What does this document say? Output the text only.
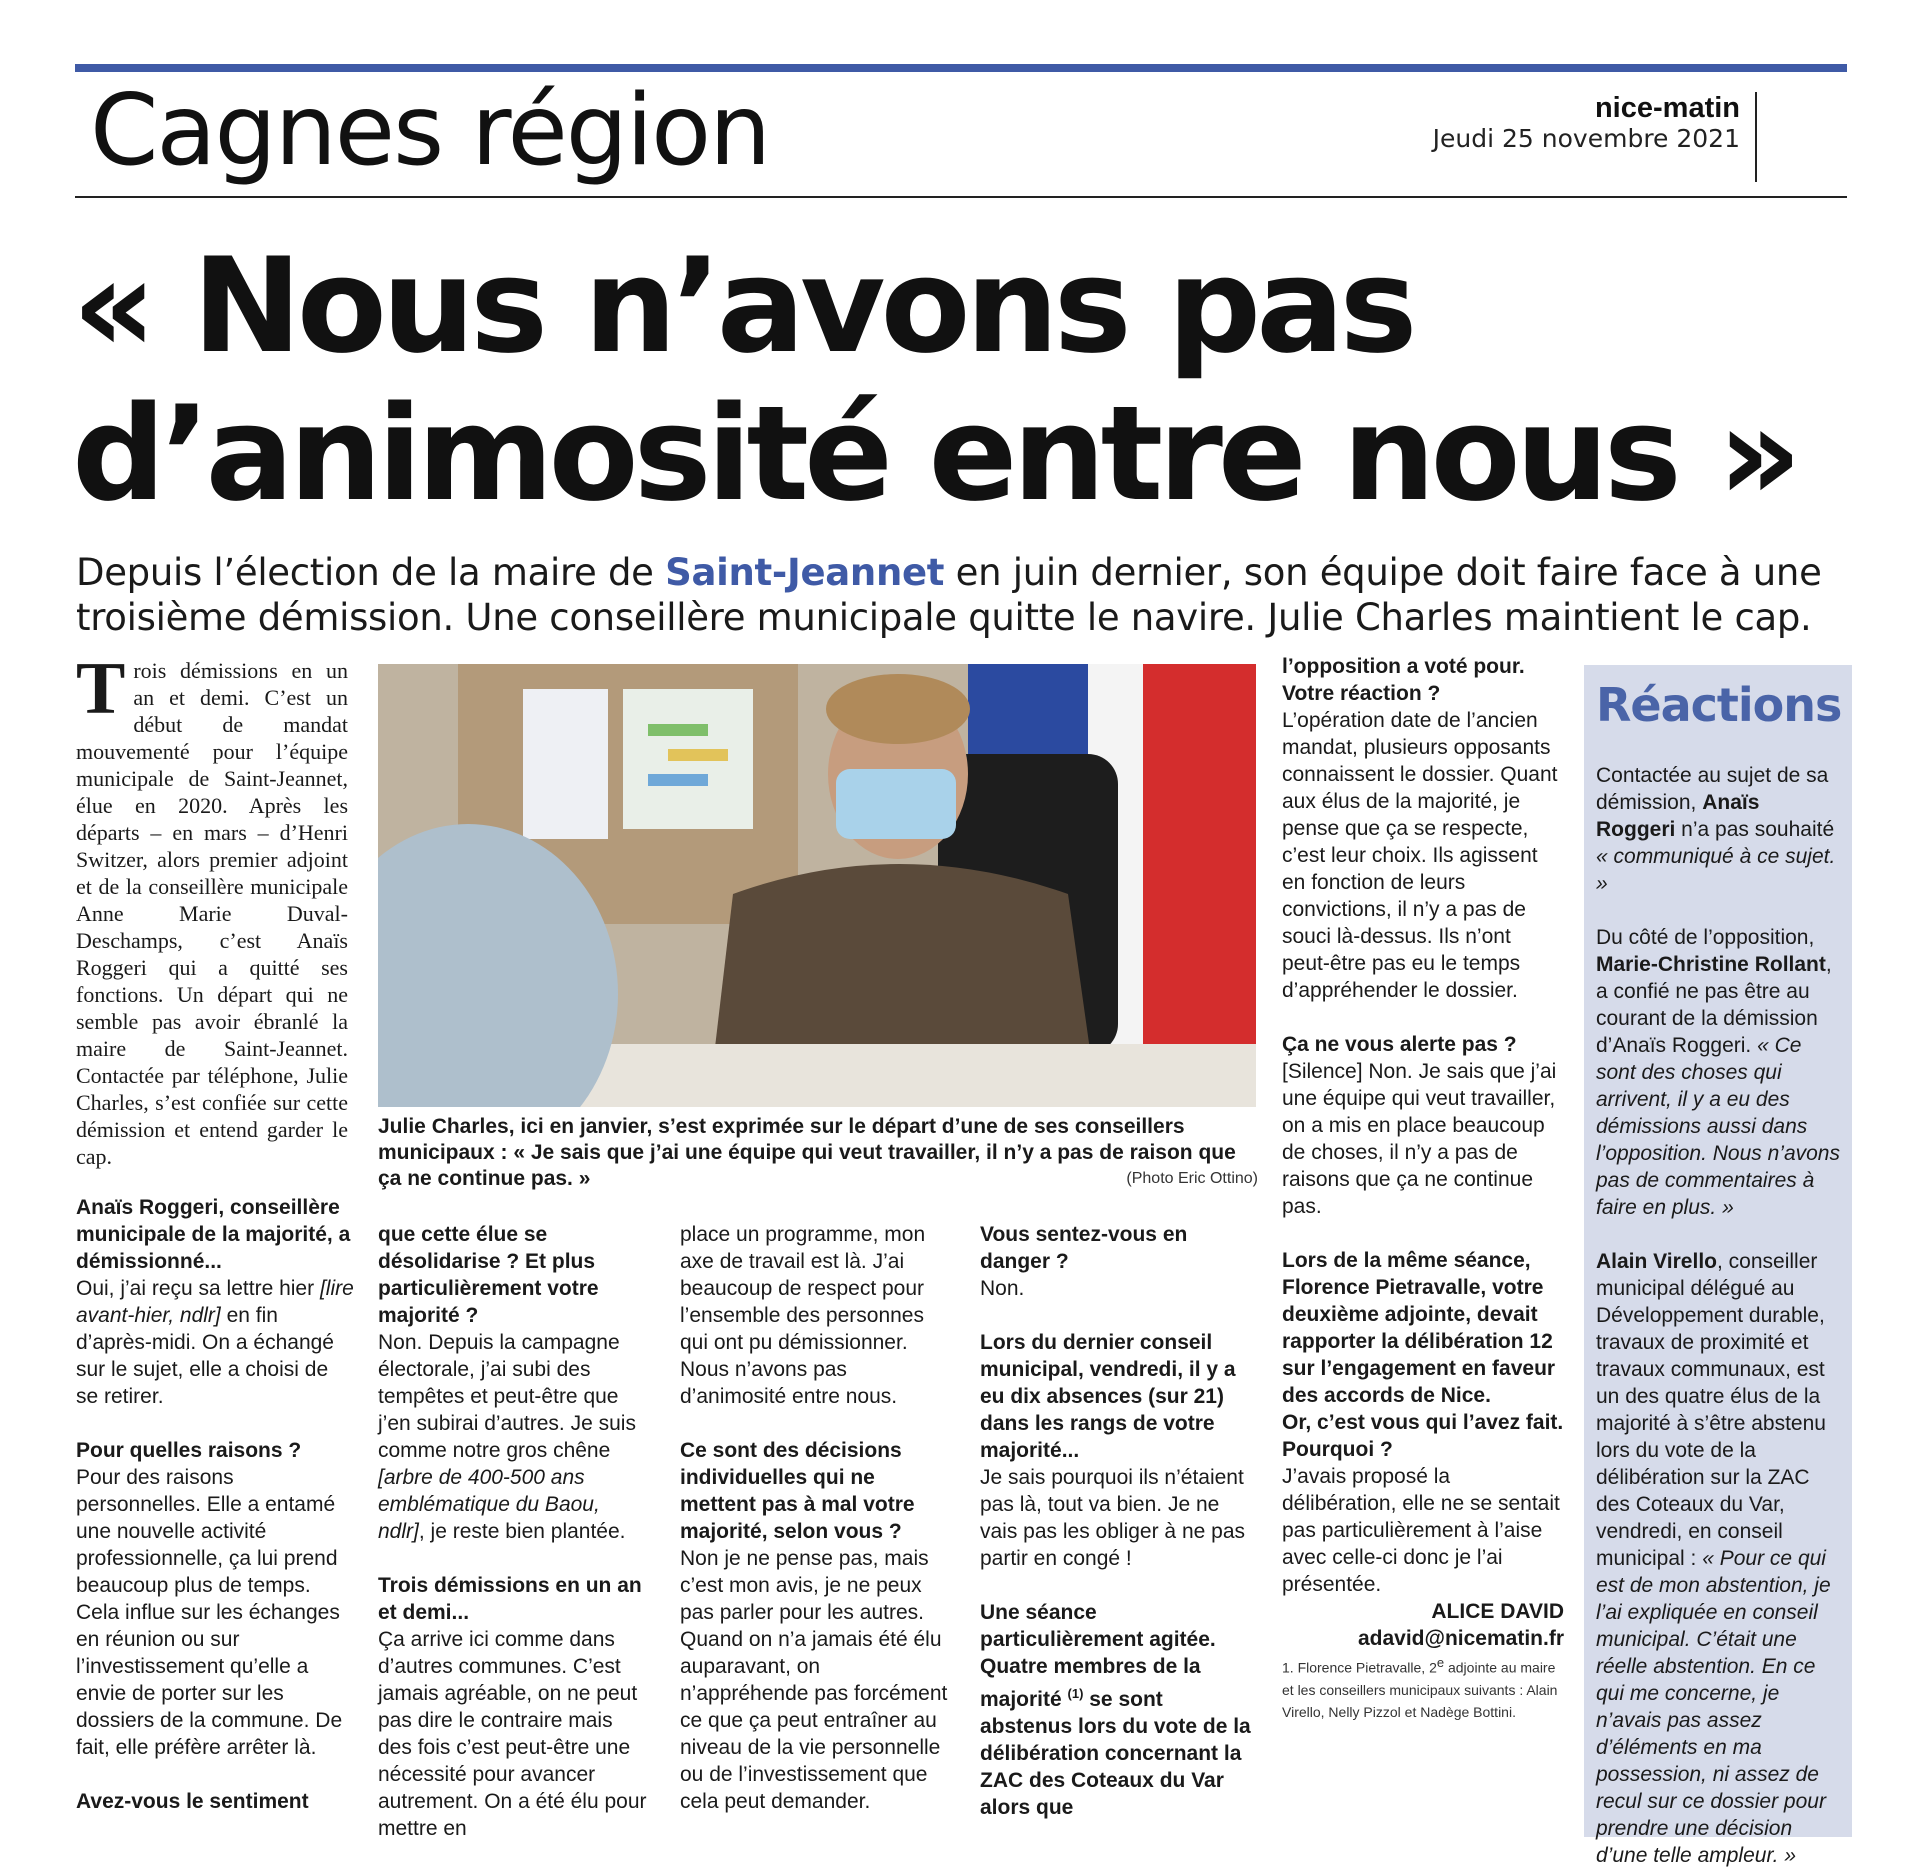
Cagnes région	nice-matin
Jeudi 25 novembre 2021
« Nous n’avons pas
d’animosité entre nous »
Depuis l’élection de la maire de Saint-Jeannet en juin dernier, son équipe doit faire face à une
troisième démission. Une conseillère municipale quitte le navire. Julie Charles maintient le cap.
Trois démissions en un an et demi. C’est un début de mandat mouvementé pour l’équipe municipale de Saint-Jeannet, élue en 2020. Après les départs – en mars – d’Henri Switzer, alors premier adjoint et de la conseillère municipale Anne Marie Duval-Deschamps, c’est Anaïs Roggeri qui a quitté ses fonctions. Un départ qui ne semble pas avoir ébranlé la maire de Saint-Jeannet. Contactée par téléphone, Julie Charles, s’est confiée sur cette démission et entend garder le cap.

Anaïs Roggeri, conseillère municipale de la majorité, a démissionné...

Oui, j’ai reçu sa lettre hier [lire avant-hier, ndlr] en fin d’après-midi. On a échangé sur le sujet, elle a choisi de se retirer.

Pour quelles raisons ?

Pour des raisons personnelles. Elle a entamé une nouvelle activité professionnelle, ça lui prend beaucoup plus de temps. Cela influe sur les échanges en réunion ou sur l’investissement qu’elle a envie de porter sur les dossiers de la commune. De fait, elle préfère arrêter là.

Avez-vous le sentiment

Julie Charles, ici en janvier, s’est exprimée sur le départ d’une de ses conseillers municipaux : « Je sais que j’ai une équipe qui veut travailler, il n’y a pas de raison que ça ne continue pas. »	(Photo Eric Ottino)

que cette élue se désolidarise ? Et plus particulièrement votre majorité ?

Non. Depuis la campagne électorale, j’ai subi des tempêtes et peut-être que j’en subirai d’autres. Je suis comme notre gros chêne [arbre de 400-500 ans emblématique du Baou, ndlr], je reste bien plantée.

Trois démissions en un an et demi...

Ça arrive ici comme dans d’autres communes. C’est jamais agréable, on ne peut pas dire le contraire mais des fois c’est peut-être une nécessité pour avancer autrement. On a été élu pour mettre en

place un programme, mon axe de travail est là. J’ai beaucoup de respect pour l’ensemble des personnes qui ont pu démissionner. Nous n’avons pas d’animosité entre nous.

Ce sont des décisions individuelles qui ne mettent pas à mal votre majorité, selon vous ?

Non je ne pense pas, mais c’est mon avis, je ne peux pas parler pour les autres. Quand on n’a jamais été élu auparavant, on n’appréhende pas forcément ce que ça peut entraîner au niveau de la vie personnelle ou de l’investissement que cela peut demander.

Vous sentez-vous en danger ?

Non.

Lors du dernier conseil municipal, vendredi, il y a eu dix absences (sur 21) dans les rangs de votre majorité...

Je sais pourquoi ils n’étaient pas là, tout va bien. Je ne vais pas les obliger à ne pas partir en congé !

Une séance particulièrement agitée. Quatre membres de la majorité $^{(1)}$ se sont abstenus lors du vote de la délibération concernant la ZAC des Coteaux du Var alors que

l’opposition a voté pour. Votre réaction ?

L’opération date de l’ancien mandat, plusieurs opposants connaissent le dossier. Quant aux élus de la majorité, je pense que ça se respecte, c’est leur choix. Ils agissent en fonction de leurs convictions, il n’y a pas de souci là-dessus. Ils n’ont peut-être pas eu le temps d’appréhender le dossier.

Ça ne vous alerte pas ?

[Silence] Non. Je sais que j’ai une équipe qui veut travailler, on a mis en place beaucoup de choses, il n’y a pas de raisons que ça ne continue pas.

Lors de la même séance, Florence Pietravalle, votre deuxième adjointe, devait rapporter la délibération 12 sur l’engagement en faveur des accords de Nice.

Or, c’est vous qui l’avez fait.

Pourquoi ?

J’avais proposé la délibération, elle ne se sentait pas particulièrement à l’aise avec celle-ci donc je l’ai présentée.

ALICE DAVID

adavid@nicematin.fr

1. Florence Pietravalle, 2e adjointe au maire et les conseillers municipaux suivants : Alain Virello, Nelly Pizzol et Nadège Bottini.

Réactions

Contactée au sujet de sa démission, Anaïs Roggeri n’a pas souhaité « communiqué à ce sujet. »

Du côté de l’opposition, Marie-Christine Rollant, a confié ne pas être au courant de la démission d’Anaïs Roggeri. « Ce sont des choses qui arrivent, il y a eu des démissions aussi dans l’opposition. Nous n’avons pas de commentaires à faire en plus. »

Alain Virello, conseiller municipal délégué au Développement durable, travaux de proximité et travaux communaux, est un des quatre élus de la majorité à s’être abstenu lors du vote de la délibération sur la ZAC des Coteaux du Var, vendredi, en conseil municipal : « Pour ce qui est de mon abstention, je l’ai expliquée en conseil municipal. C’était une réelle abstention. En ce qui me concerne, je n’avais pas assez d’éléments en ma possession, ni assez de recul sur ce dossier pour prendre une décision d’une telle ampleur. »
